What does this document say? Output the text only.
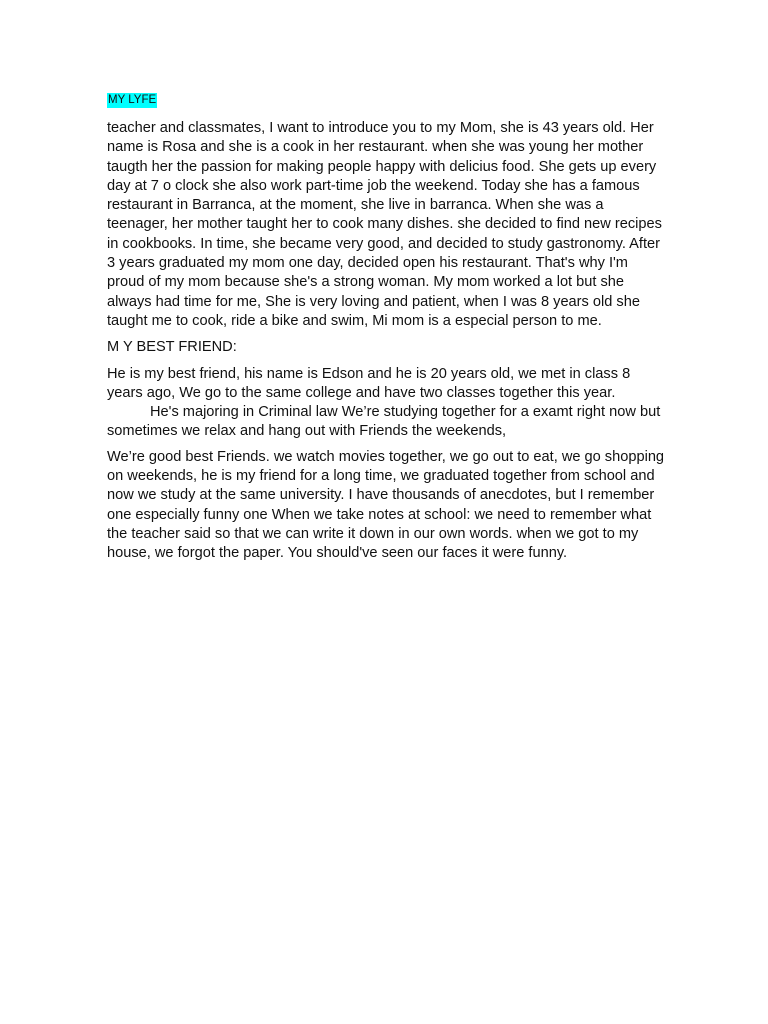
MY LYFE

teacher and classmates, I want to introduce you to my Mom, she is 43 years old. Her name is Rosa and she is a cook in her restaurant. when she was young her mother taugth her the passion for making people happy with delicius food. She gets up every day at 7 o clock she also work part-time job the weekend. Today she has a famous restaurant in Barranca, at the moment, she live in barranca. When she was a teenager, her mother taught her to cook many dishes. she decided to find new recipes in cookbooks. In time, she became very good, and decided to study gastronomy. After 3 years graduated my mom one day, decided open his restaurant. That's why I'm proud of my mom because she's a strong woman. My mom worked a lot but she always had time for me, She is very loving and patient, when I was 8 years old she taught me to cook, ride a bike and swim, Mi mom is a especial person to me.

M Y BEST FRIEND:

He is my best friend, his name is Edson and he is 20 years old, we met in class 8 years ago, We go to the same college and have two classes together this year.
He's majoring in Criminal law We’re studying together for a examt right now but sometimes we relax and hang out with Friends the weekends,

We’re good best Friends. we watch movies together, we go out to eat, we go shopping on weekends, he is my friend for a long time, we graduated together from school and now we study at the same university. I have thousands of anecdotes, but I remember one especially funny one When we take notes at school: we need to remember what the teacher said so that we can write it down in our own words. when we got to my house, we forgot the paper. You should've seen our faces it were funny.
